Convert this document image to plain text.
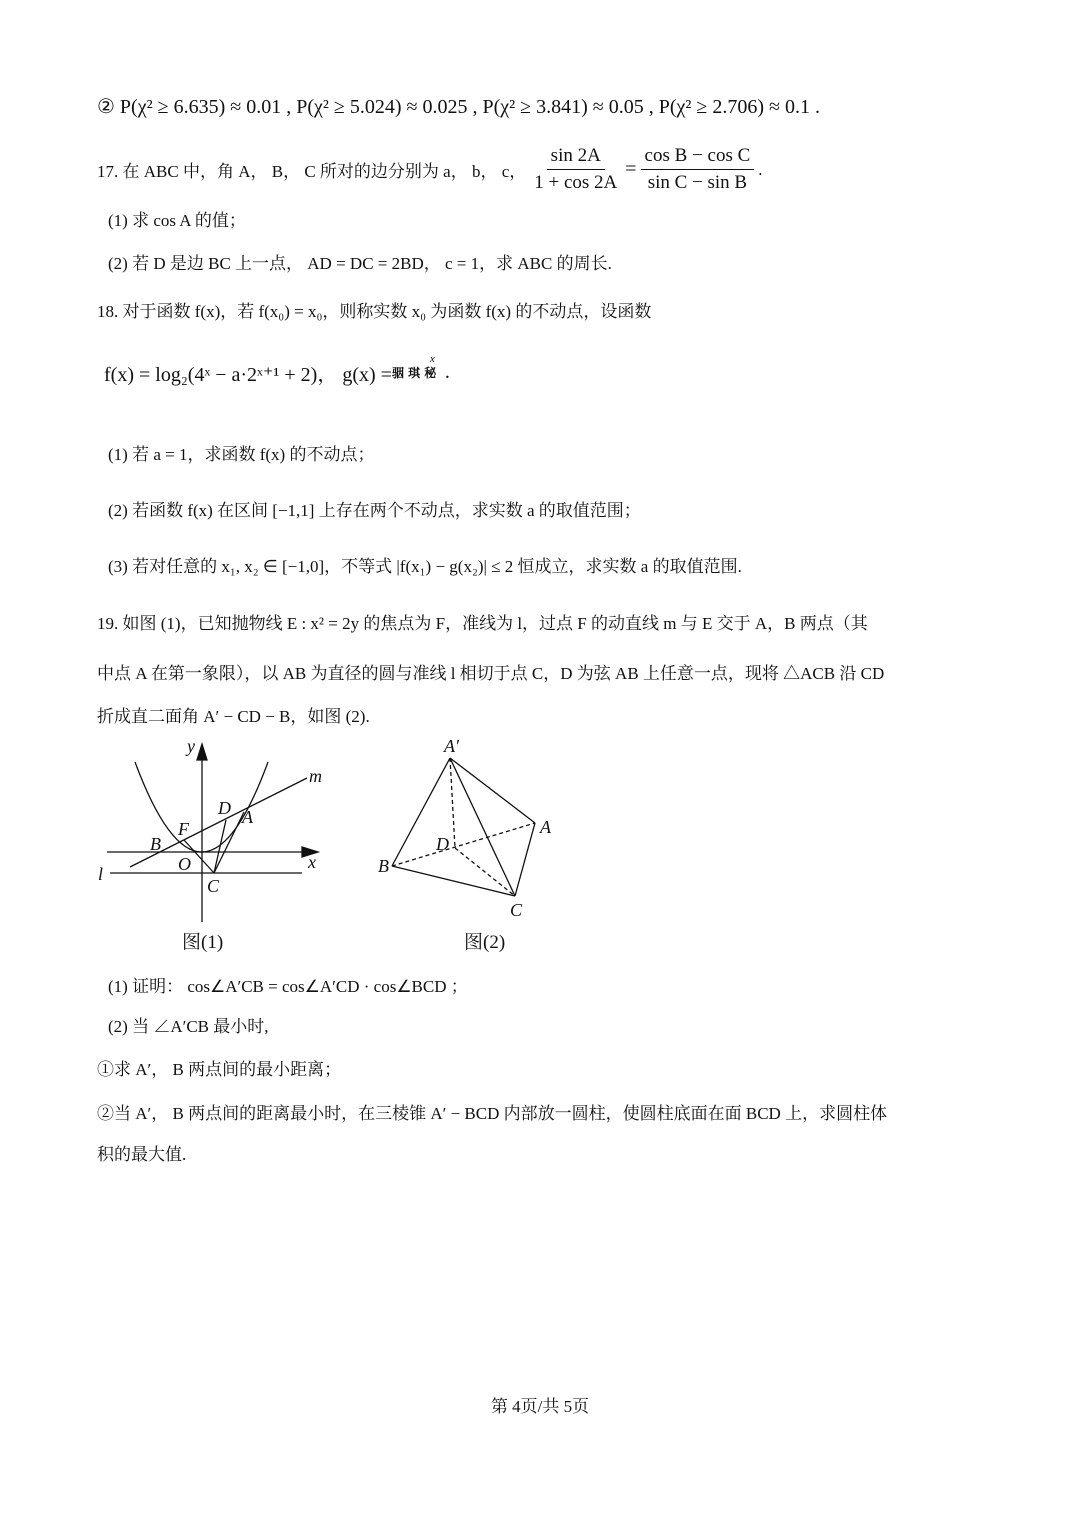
② P(χ² ≥ 6.635) ≈ 0.01 , P(χ² ≥ 5.024) ≈ 0.025 , P(χ² ≥ 3.841) ≈ 0.05 , P(χ² ≥ 2.706) ≈ 0.1 .
17. 在 ABC 中，角 A， B， C 所对的边分别为 a， b， c， $\frac{\sin 2A}{1 + \cos 2A} = \frac{\text{cos B − cos C}}{\text{sin C − sin B}}$ .
(1) 求 cos A 的值；
(2) 若 D 是边 BC 上一点， AD = DC = 2BD， c = 1，求 ABC 的周长.
18. 对于函数 f(x)，若 f(x₀) = x₀，则称实数 x₀ 为函数 f(x) 的不动点，设函数
f(x) = log₂(4ˣ − a·2ˣ⁺¹ + 2)， g(x) = 骃 琪 秘
$^x$
.
(1) 若 a = 1，求函数 f(x) 的不动点；
(2) 若函数 f(x) 在区间 [−1,1] 上存在两个不动点，求实数 a 的取值范围；
(3) 若对任意的 x₁, x₂ ∈ [−1,0]，不等式 |f(x₁) − g(x₂)| ≤ 2 恒成立，求实数 a 的取值范围.
19. 如图 (1)，已知抛物线 E : x² = 2y 的焦点为 F，准线为 l，过点 F 的动直线 m 与 E 交于 A，B 两点（其
中点 A 在第一象限），以 AB 为直径的圆与准线 l 相切于点 C，D 为弦 AB 上任意一点，现将 △ACB 沿 CD
折成直二面角 A′ − CD − B，如图 (2).
y
m
D A
F
B
O	x
l
C
图(1)
A′
A
D
B
C
图(2)
(1) 证明： cos∠A′CB = cos∠A′CD · cos∠BCD ；
(2) 当 ∠A′CB 最小时,
①求 A′， B 两点间的最小距离；
②当 A′， B 两点间的距离最小时，在三棱锥 A′ − BCD 内部放一圆柱，使圆柱底面在面 BCD 上，求圆柱体
积的最大值.
第 4页/共 5页
